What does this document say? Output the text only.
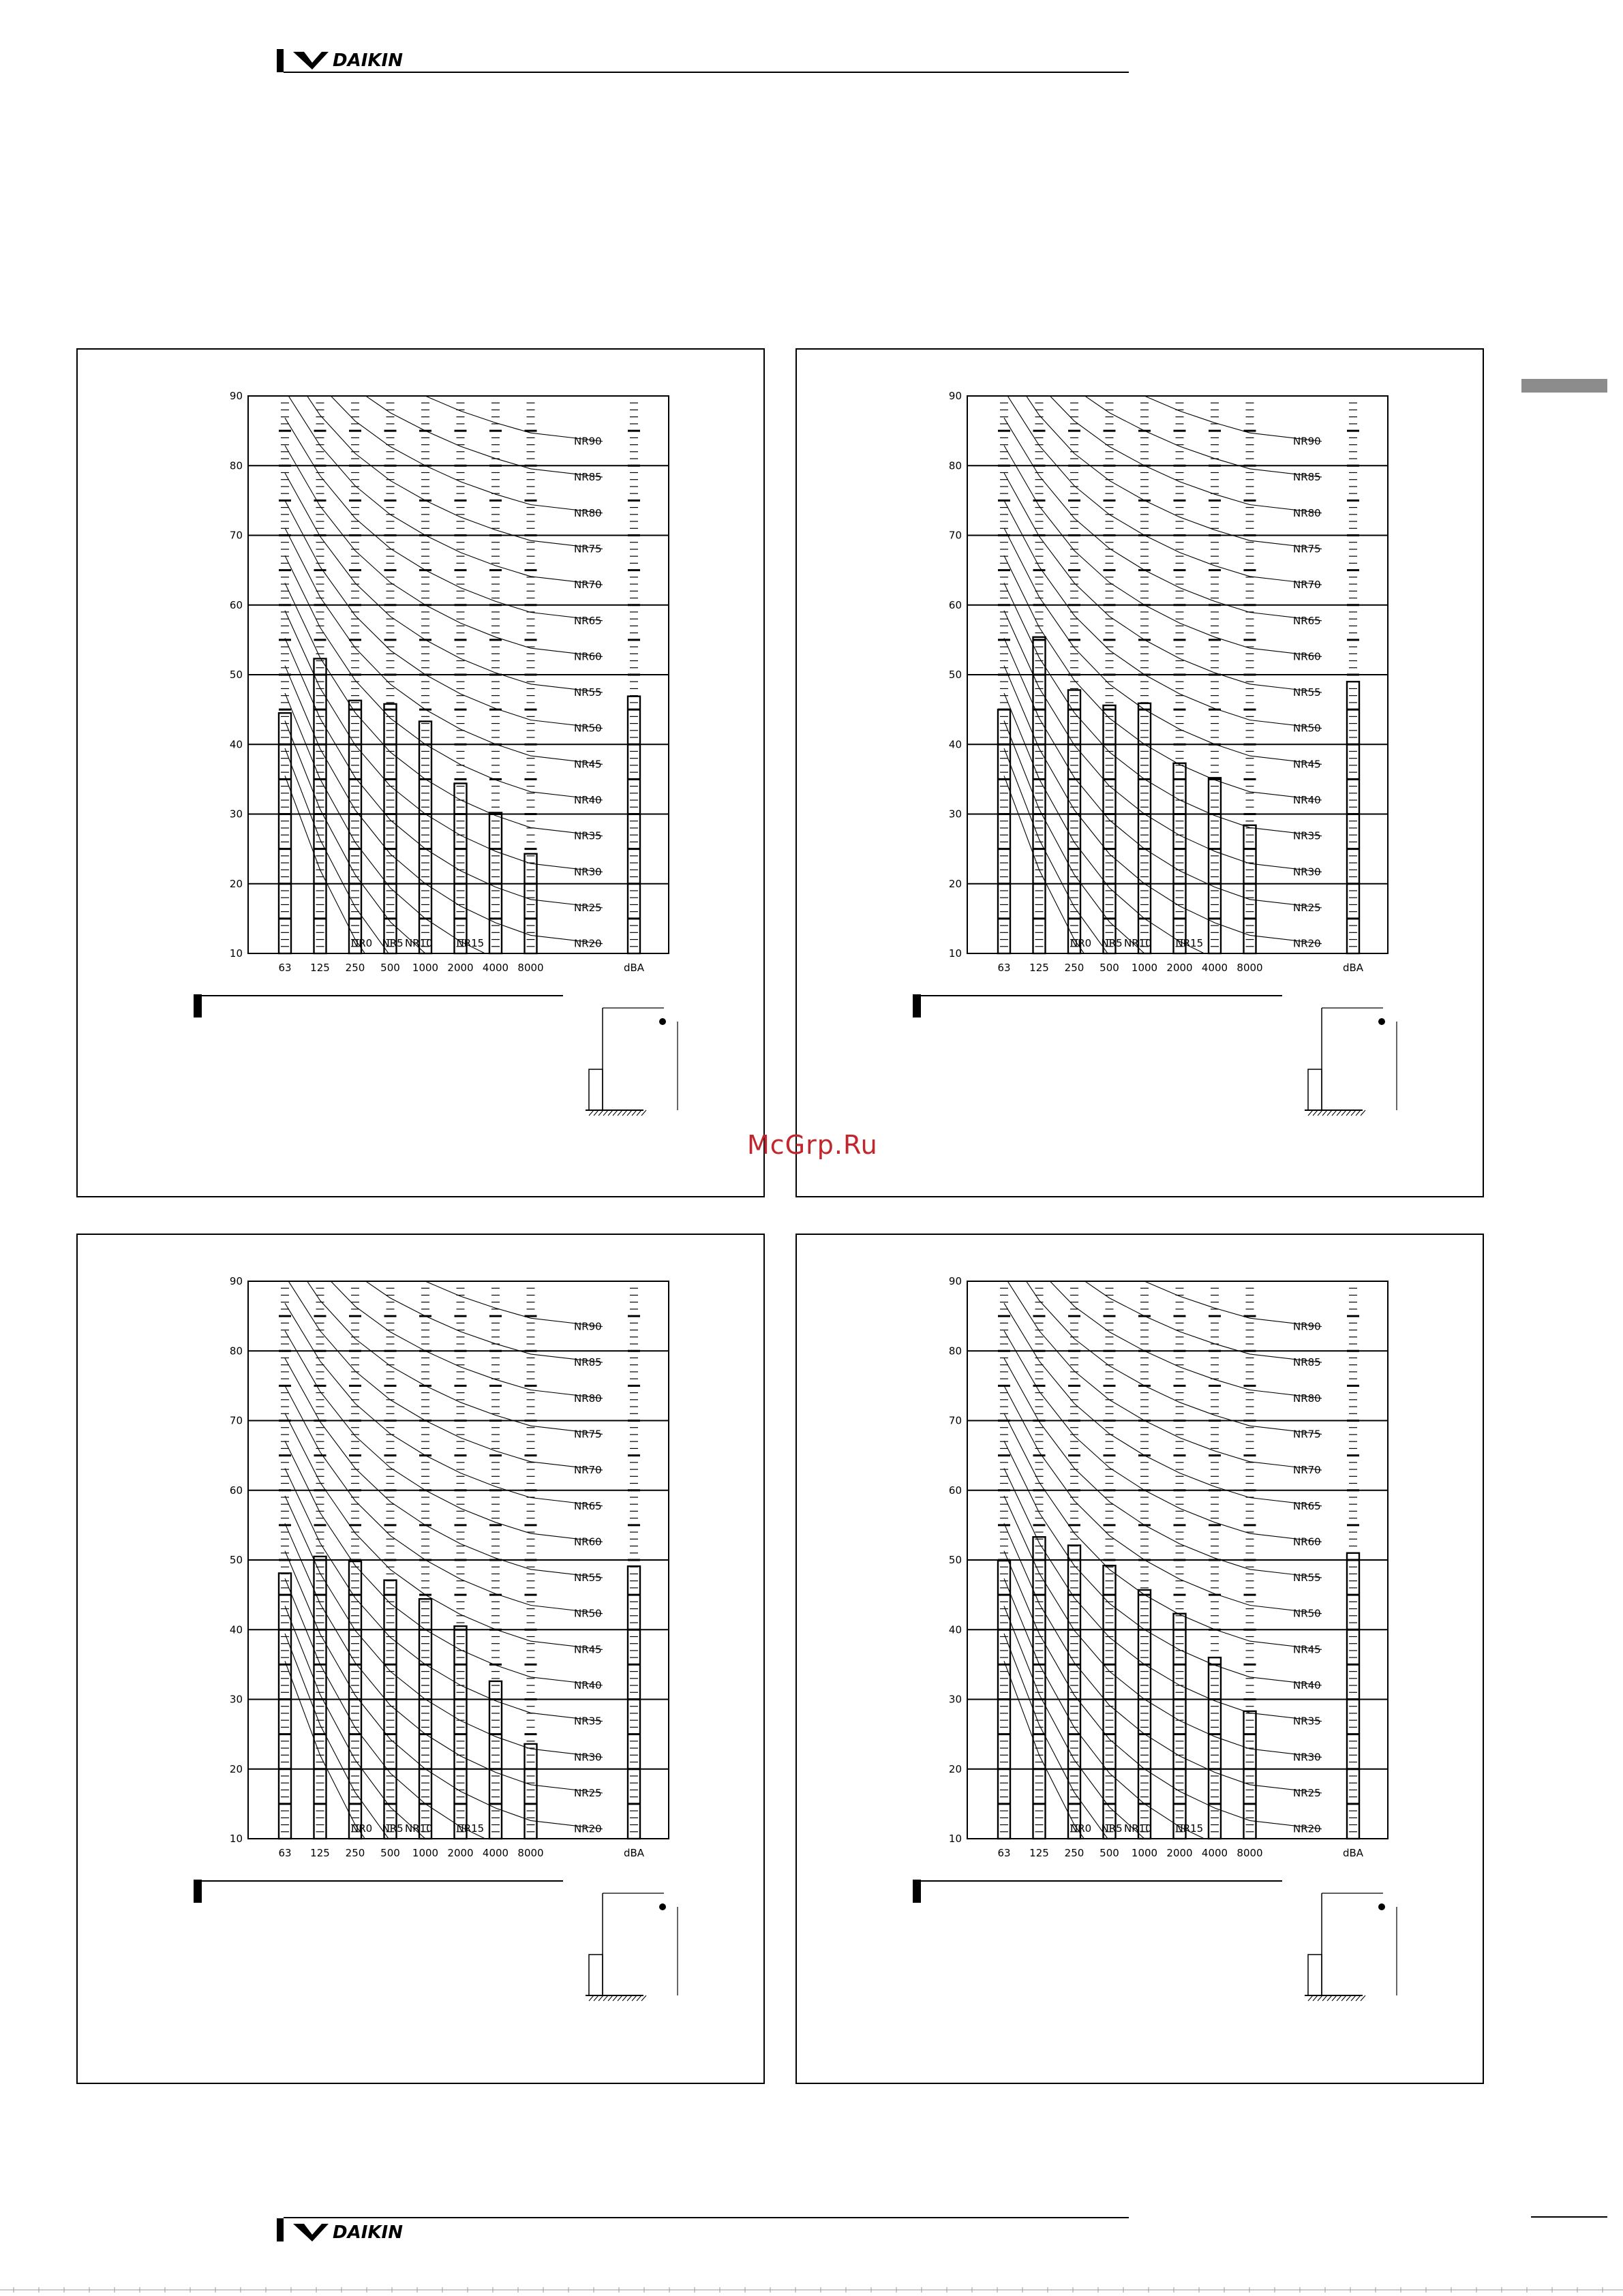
DAIKIN
10
20
30
40
50
60
70
80
90
NR90
NR85
NR80
NR75
NR70
NR65
NR60
NR55
NR50
NR45
NR40
NR35
NR30
NR25
NR20
NR0 NR5 NR10 NR15
63 125 250 500 1000 2000 4000 8000	dBA
10
20
30
40
50
60
70
80
90
NR90
NR85
NR80
NR75
NR70
NR65
NR60
NR55
NR50
NR45
NR40
NR35
NR30
NR25
NR20
NR0 NR5 NR10 NR15
63 125 250 500 1000 2000 4000 8000	dBA
10
20
30
40
50
60
70
80
90
NR90
NR85
NR80
NR75
NR70
NR65
NR60
NR55
NR50
NR45
NR40
NR35
NR30
NR25
NR20
NR0 NR5 NR10 NR15
63 125 250 500 1000 2000 4000 8000	dBA
10
20
30
40
50
60
70
80
90
NR90
NR85
NR80
NR75
NR70
NR65
NR60
NR55
NR50
NR45
NR40
NR35
NR30
NR25
NR20
NR0 NR5 NR10 NR15
63 125 250 500 1000 2000 4000 8000	dBA
McGrp.Ru
DAIKIN
